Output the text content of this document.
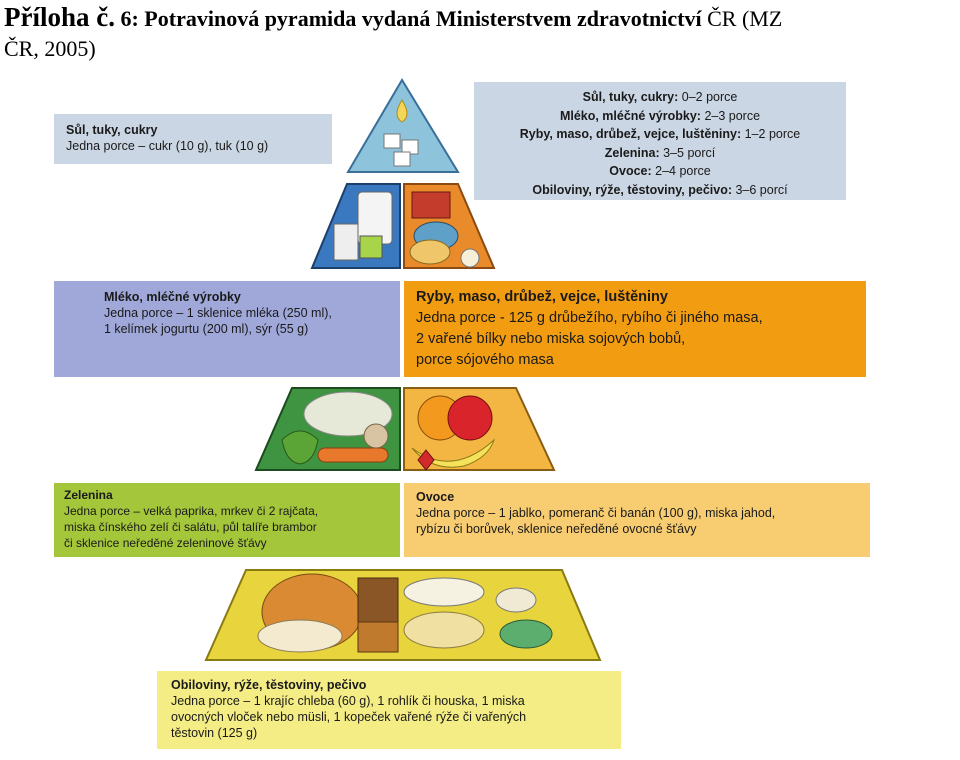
Příloha č. 6: Potravinová pyramida vydaná Ministerstvem zdravotnictví ČR (MZ
ČR, 2005)
Sůl, tuky, cukry: 0–2 porce
Mléko, mléčné výrobky: 2–3 porce
Ryby, maso, drůbež, vejce, luštěniny: 1–2 porce
Zelenina: 3–5 porcí
Ovoce: 2–4 porce
Obiloviny, rýže, těstoviny, pečivo: 3–6 porcí
Sůl, tuky, cukry
Jedna porce – cukr (10 g), tuk (10 g)
Mléko, mléčné výrobky
Jedna porce – 1 sklenice mléka (250 ml),
1 kelímek jogurtu (200 ml), sýr (55 g)
Ryby, maso, drůbež, vejce, luštěniny
Jedna porce - 125 g drůbežího, rybího či jiného masa,
2 vařené bílky nebo miska sojových bobů,
porce sójového masa
Zelenina
Jedna porce – velká paprika, mrkev či 2 rajčata,
miska čínského zelí či salátu, půl talíře brambor
či sklenice neředěné zeleninové šťávy
Ovoce
Jedna porce – 1 jablko, pomeranč či banán (100 g), miska jahod,
rybízu či borůvek, sklenice neředěné ovocné šťávy
Obiloviny, rýže, těstoviny, pečivo
Jedna porce – 1 krajíc chleba (60 g), 1 rohlík či houska, 1 miska
ovocných vloček nebo müsli, 1 kopeček vařené rýže či vařených
těstovin (125 g)
